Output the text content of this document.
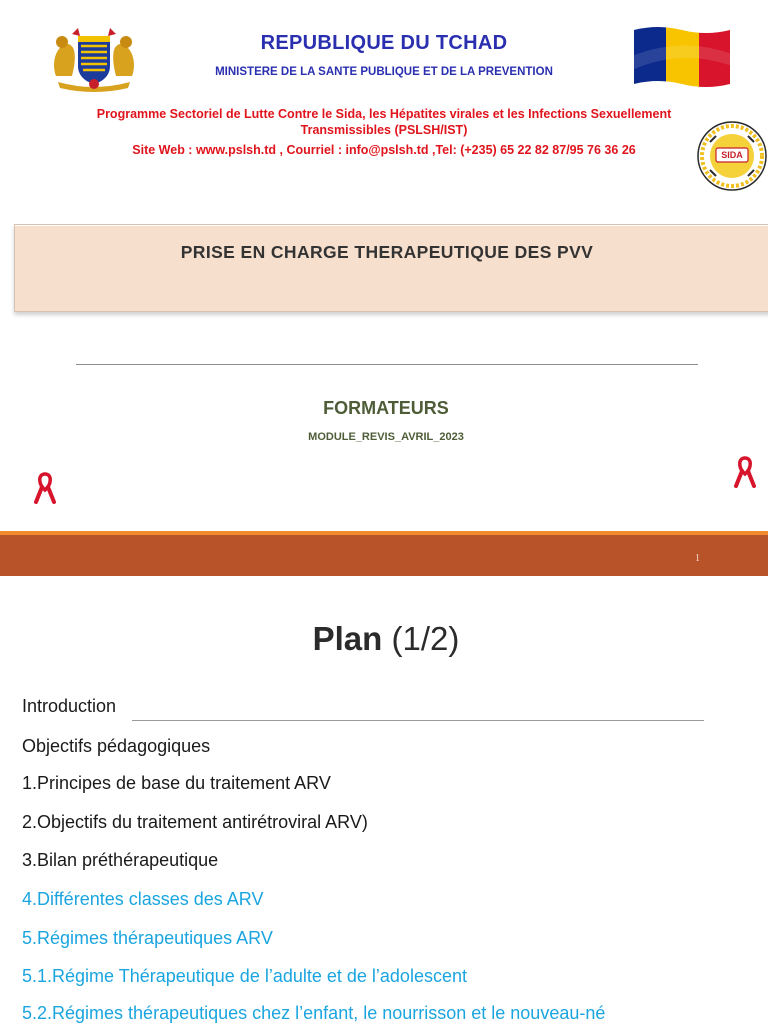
REPUBLIQUE DU TCHAD
MINISTERE DE LA SANTE PUBLIQUE ET DE LA PREVENTION
Programme Sectoriel de Lutte Contre le Sida, les Hépatites virales et les Infections Sexuellement
Transmissibles (PSLSH/IST)
Site Web : www.pslsh.td , Courriel : info@pslsh.td ,Tel: (+235) 65 22 82 87/95 76 36 26	SIDA
PRISE EN CHARGE THERAPEUTIQUE DES PVV
FORMATEURS
MODULE_REVIS_AVRIL_2023
1
Plan (1/2)
Introduction
Objectifs pédagogiques
1.Principes de base du traitement ARV
2.Objectifs du traitement antirétroviral ARV)
3.Bilan préthérapeutique
4.Différentes classes des ARV
5.Régimes thérapeutiques ARV
5.1.Régime Thérapeutique de l’adulte et de l’adolescent
5.2.Régimes thérapeutiques chez l’enfant, le nourrisson et le nouveau-né
